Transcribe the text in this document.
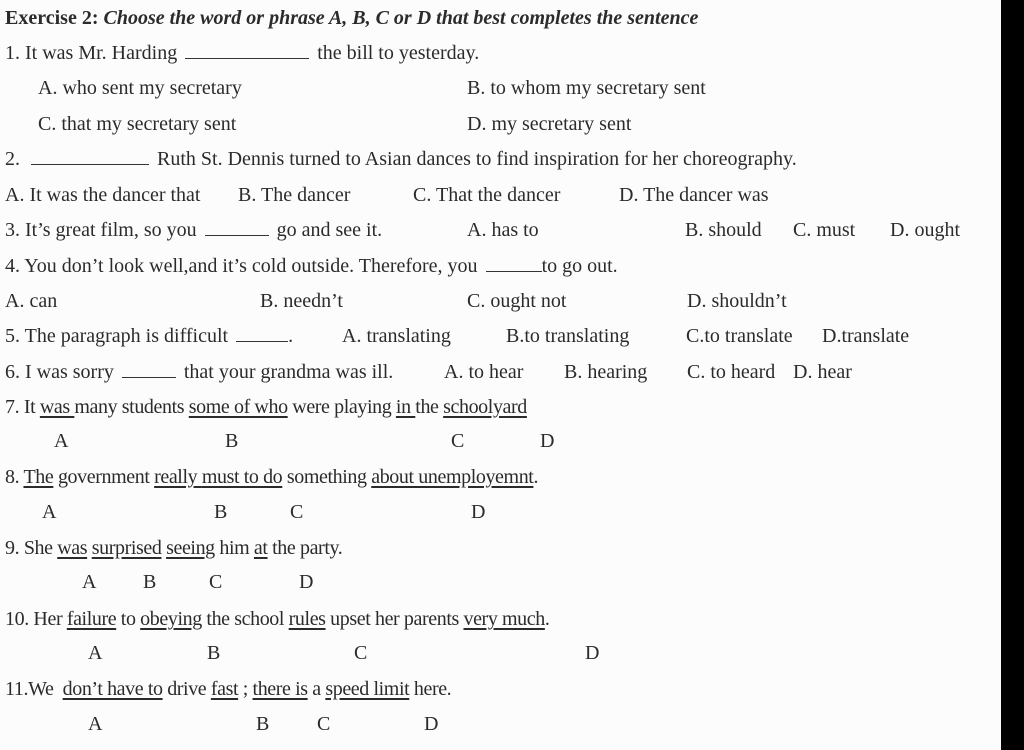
Exercise 2: Choose the word or phrase A, B, C or D that best completes the sentence
1. It was Mr. Harding	the bill to yesterday.
A. who sent my secretary	B. to whom my secretary sent
C. that my secretary sent	D. my secretary sent
2.	Ruth St. Dennis turned to Asian dances to find inspiration for her choreography.
A. It was the dancer that B. The dancer	C. That the dancer	D. The dancer was
3. It’s great film, so you	go and see it.	A. has to	B. should C. must D. ought
4. You don’t look well,and it’s cold outside. Therefore, you	to go out.
A. can	B. needn’t	C. ought not	D. shouldn’t
5. The paragraph is difficult	. A. translating	B.to translating	C.to translate D.translate
6. I was sorry	that your grandma was ill.	A. to hear B. hearing C. to heard D. hear
7. It was many students some of who were playing in the schoolyard
A	B	C	D
8. The government really must to do something about unemployemnt.
A	B	C	D
9. She was surprised seeing him at the party.
A B	C	D
10. Her failure to obeying the school rules upset her parents very much.
A	B	C	D
11.We  don’t have to drive fast ; there is a speed limit here.
A	B C	D
